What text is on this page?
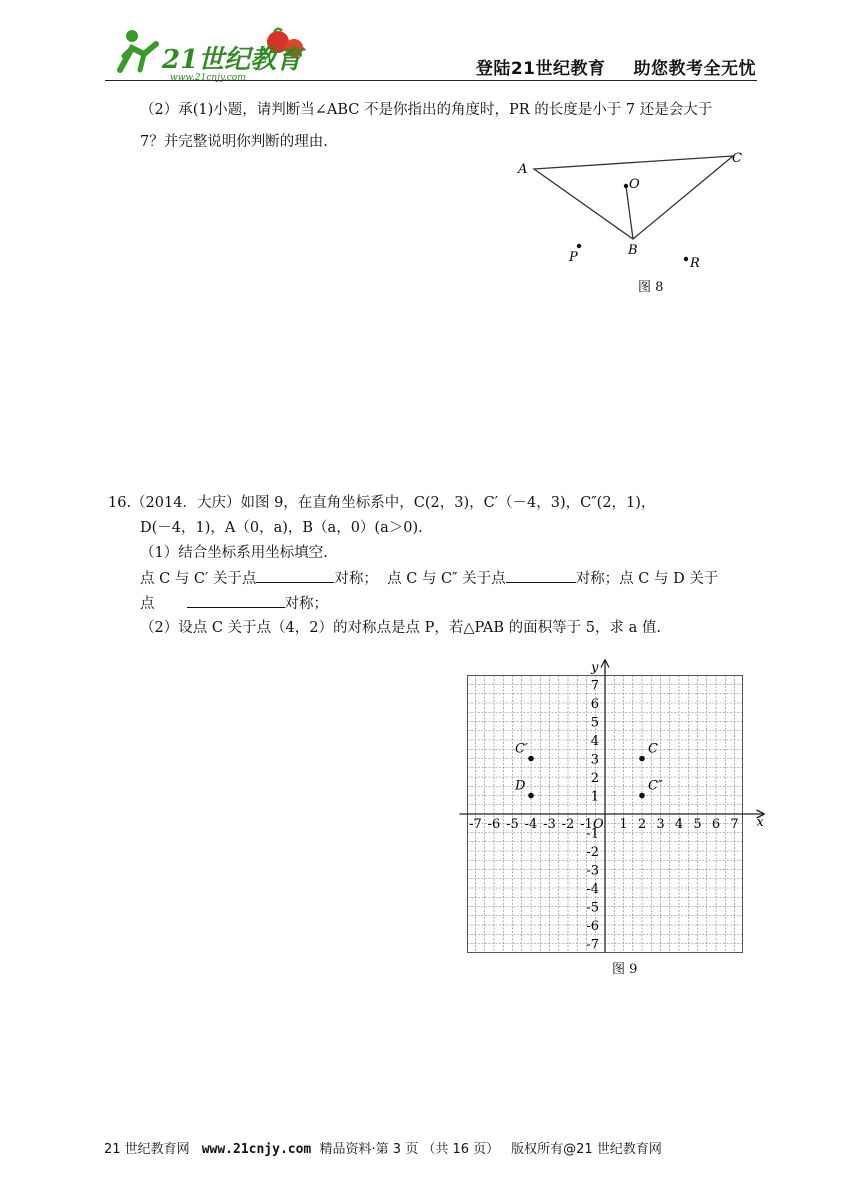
21世纪教育
www.21cnjy.com	登陆21世纪教育 助您教考全无忧
（2）承(1)小题，请判断当∠ABC 不是你指出的角度时，PR 的长度是小于 7 还是会大于
7？并完整说明你判断的理由.
A
C
O
B
P	R
图 8
16.（2014．大庆）如图 9，在直角坐标系中，C(2，3)，C′（－4，3)，C″(2，1)，
D(－4，1)，A（0，a)，B（a，0）(a＞0).
（1）结合坐标系用坐标填空.
点 C 与 C′ 关于点	对称； 点 C 与 C″ 关于点	对称；点 C 与 D 关于
点	对称；
（2）设点 C 关于点（4，2）的对称点是点 P，若△PAB 的面积等于 5，求 a 值.
x
y
-7 -6 -5 -4 -3 -2 -1 1 2 3 4 5 6 7
7
6
5
4
3
2
1
-1
-2
-3
-4
-5
-6
-7
O
C′	C
D	C″
图 9
21 世纪教育网 www.21cnjy.com 精品资料·第 3 页 （共 16 页） 版权所有@21 世纪教育网
